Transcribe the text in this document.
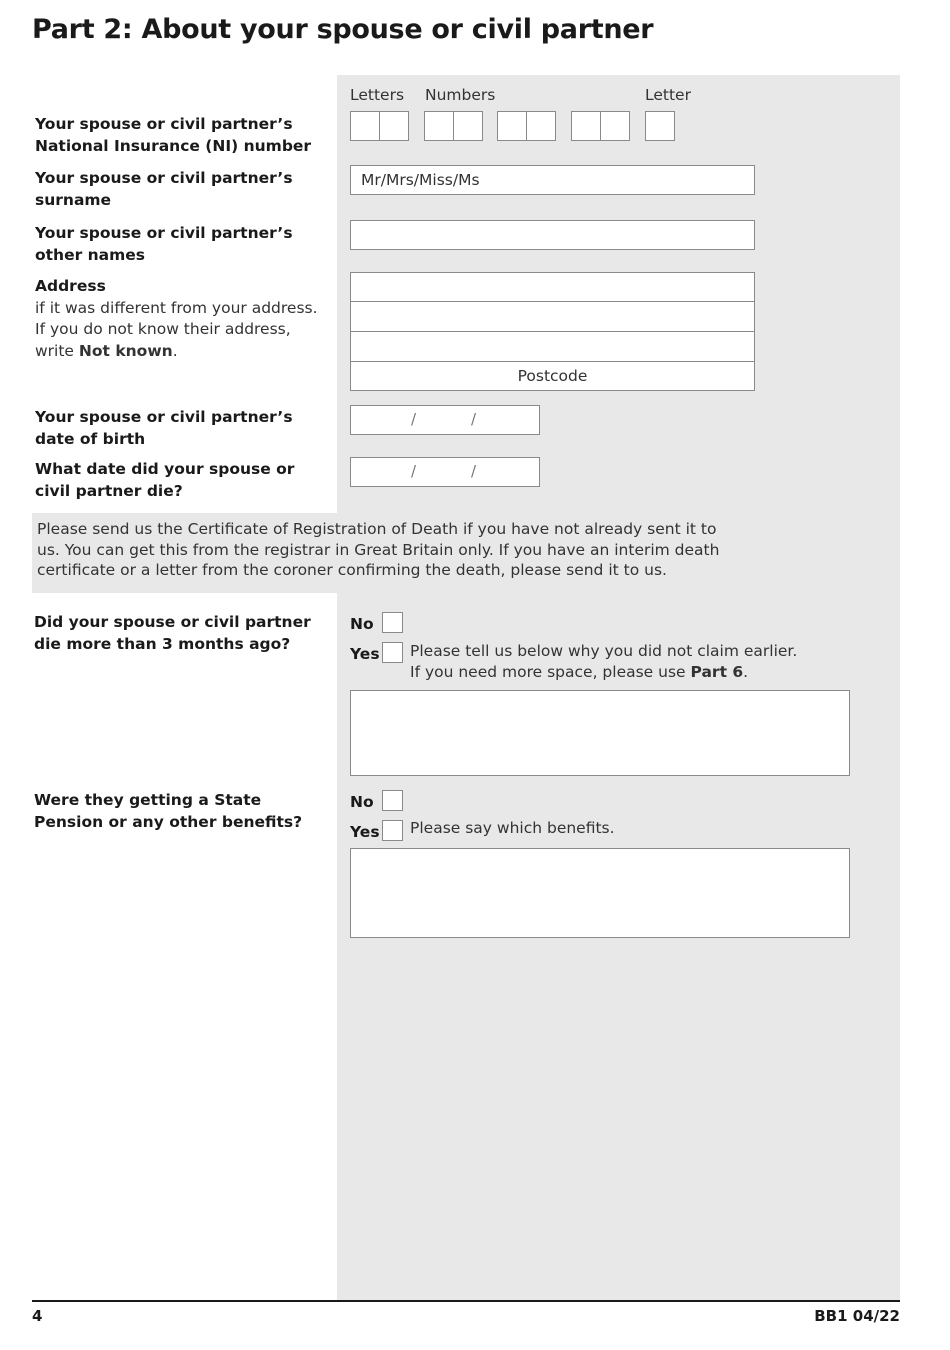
Part 2: About your spouse or civil partner
Letters Numbers	Letter
Your spouse or civil partner’s National Insurance (NI) number
Your spouse or civil partner’s surname
Mr/Mrs/Miss/Ms
Your spouse or civil partner’s other names
Address
if it was different from your address.
If you do not know their address,
write Not known.
Postcode
Your spouse or civil partner’s date of birth
/	/
What date did your spouse or civil partner die?
/	/
Please send us the Certificate of Registration of Death if you have not already sent it to us. You can get this from the registrar in Great Britain only. If you have an interim death certificate or a letter from the coroner confirming the death, please send it to us.
Did your spouse or civil partner die more than 3 months ago?
No
Yes Please tell us below why you did not claim earlier.
If you need more space, please use Part 6.
Were they getting a State Pension or any other benefits?
No
Yes Please say which benefits.
4	BB1 04/22
